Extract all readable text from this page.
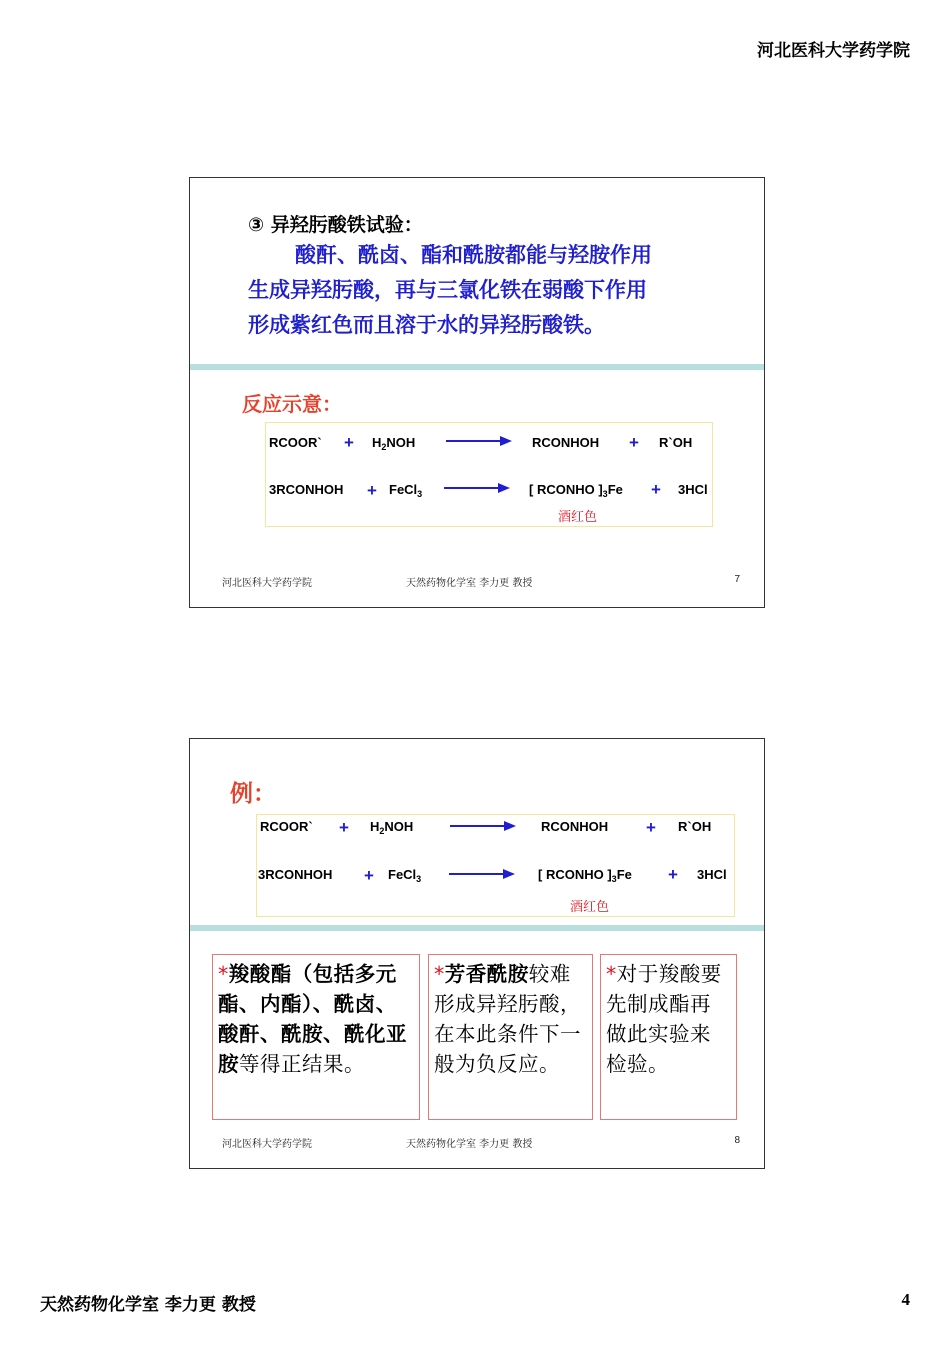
河北医科大学药学院
③ 异羟肟酸铁试验：
酸酐、酰卤、酯和酰胺都能与羟胺作用
生成异羟肟酸，再与三氯化铁在弱酸下作用
形成紫红色而且溶于水的异羟肟酸铁。
反应示意：
RCOOR` + $H_2NOH$	RCONHOH + R`OH
3RCONHOH + FeCl$_3$	[ RCONHO ]$_3Fe + 3HCl$
酒红色
河北医科大学药学院	天然药物化学室 李力更 教授	7
例：
RCOOR` + $H_2NOH$	RCONHOH + R`OH
3RCONHOH + FeCl$_3$	[ RCONHO ]$_3Fe + 3HCl$
酒红色
*羧酸酯（包括多元酯、内酯）、酰卤、酸酐、酰胺、酰化亚胺等得正结果。
*芳香酰胺较难形成异羟肟酸，在本此条件下一般为负反应。
*对于羧酸要先制成酯再做此实验来检验。
河北医科大学药学院	天然药物化学室 李力更 教授	8
天然药物化学室 李力更 教授	4
